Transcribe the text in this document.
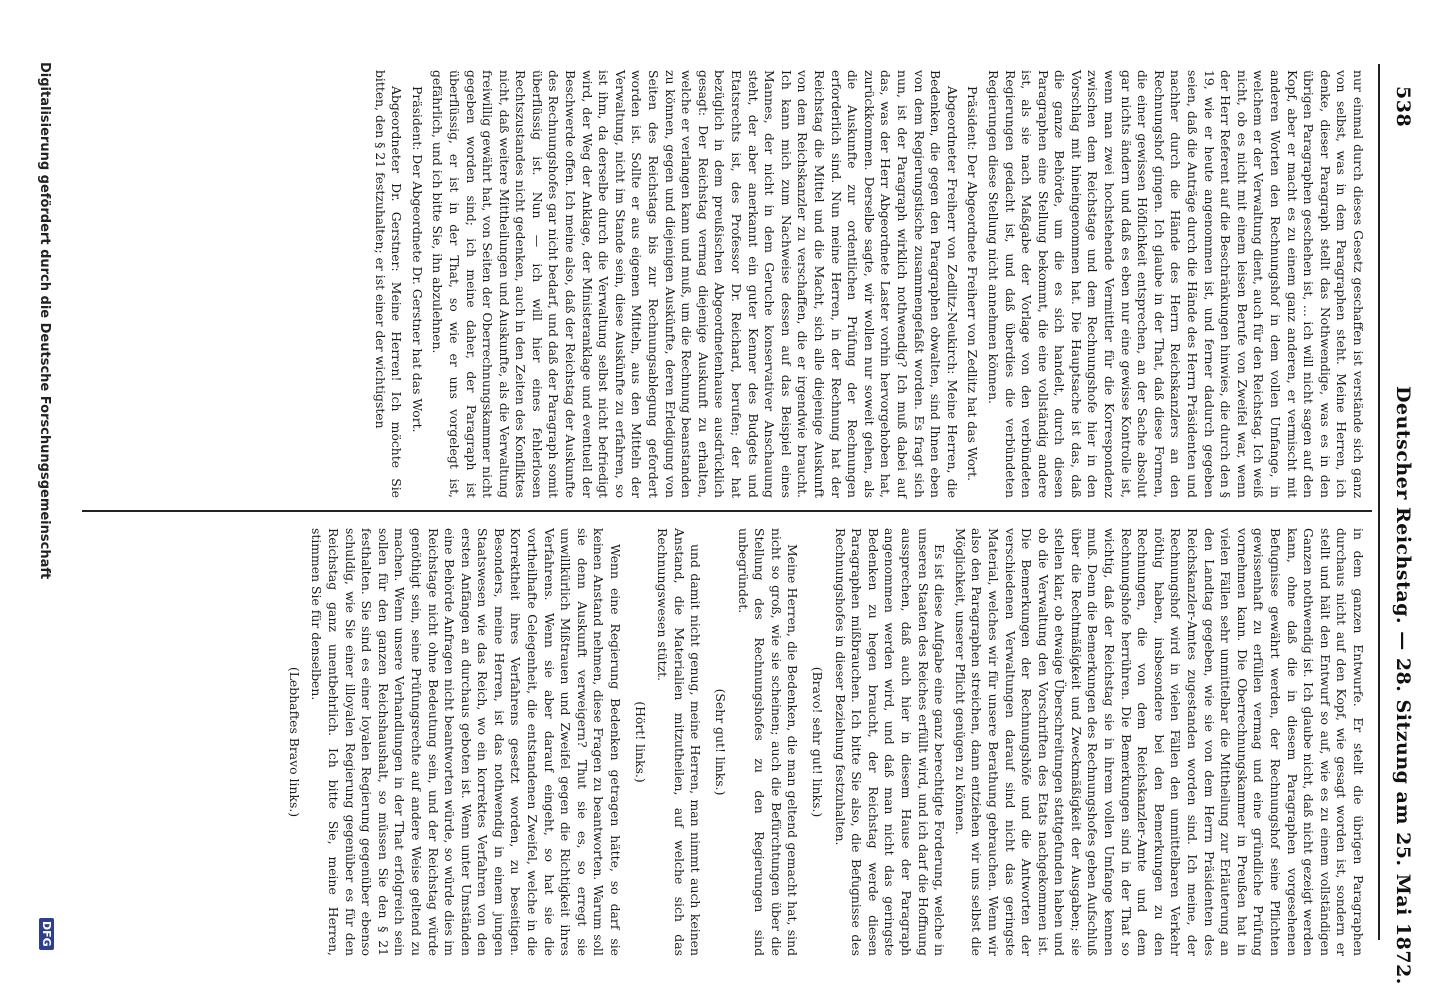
538
Deutscher Reichstag. — 28. Sitzung am 25. Mai 1872.

nur einmal durch dieses Gesetz geschaffen ist verstände sich ganz von selbst, was in dem Paragraphen steht. Meine Herren, ich denke, dieser Paragraph stellt das Nothwendige, was es in den übrigen Paragraphen geschehen ist, ... ich will nicht sagen auf den Kopf, aber er macht es zu einem ganz anderen, er vermischt mit anderen Worten den Rechnungshof in dem vollen Umfange, in welchem er der Verwaltung dient, auch für den Reichstag. Ich weiß nicht, ob es nicht mit einem leisen Berufe von Zweifel war, wenn der Herr Referent auf die Beschränkungen hinwies, die durch den § 19, wie er heute angenommen ist, und ferner dadurch gegeben seien, daß die Anträge durch die Hände des Herrn Präsidenten und nachher durch die Hände des Herrn Reichskanzlers an den Rechnungshof gingen. Ich glaube in der That, daß diese Formen, die einer gewissen Höflichkeit entsprechen, an der Sache absolut gar nichts ändern und daß es eben nur eine gewisse Kontrolle ist, wenn man zwei hochstehende Vermittler für die Korrespondenz zwischen dem Reichstage und dem Rechnungshofe hier in den Vorschlag mit hineingenommen hat. Die Hauptsache ist das, daß die ganze Behörde, um die es sich handelt, durch diesen Paragraphen eine Stellung bekommt, die eine vollständig andere ist, als sie nach Maßgabe der Vorlage von den verbündeten Regierungen gedacht ist, und daß überdies die verbündeten Regierungen diese Stellung nicht annehmen können.

Präsident: Der Abgeordnete Freiherr von Zedlitz hat das Wort.

Abgeordneter Freiherr von Zedlitz-Neukirch: Meine Herren, die Bedenken, die gegen den Paragraphen obwalten, sind Ihnen eben von dem Regierungstische zusammengefaßt worden. Es fragt sich nun, ist der Paragraph wirklich nothwendig? Ich muß dabei auf das, was der Herr Abgeordnete Laster vorhin hervorgehoben hat, zurückkommen. Derselbe sagte, wir wollen nur soweit gehen, als die Auskunfte zur ordentlichen Prüfung der Rechnungen erforderlich sind. Nun meine Herren, in der Rechnung hat der Reichstag die Mittel und die Macht, sich alle diejenige Auskunft von dem Reichskanzler zu verschaffen, die er irgendwie braucht. Ich kann mich zum Nachweise dessen auf das Beispiel eines Mannes, der nicht in dem Geruche konservativer Anschauung steht, der aber anerkannt ein guter Kenner des Budgets und Etatsrechts ist, des Professor Dr. Reichard, berufen; der hat bezüglich in dem preußischen Abgeordnetenhause ausdrücklich gesagt: Der Reichstag vermag diejenige Auskunft zu erhalten, welche er verlangen kann und muß, um die Rechnung beanstanden zu können, gegen und diejenigen Auskünfte, deren Erledigung von Seiten des Reichstags bis zur Rechnungsablegung gefordert worden ist. Sollte er aus eigenen Mitteln, aus den Mitteln der Verwaltung, nicht im Stande sein, diese Auskünfte zu erfahren, so ist ihm, da derselbe durch die Verwaltung selbst nicht befriedigt wird, der Weg der Anklage, der Ministeranklage und eventuell der Beschwerde offen. Ich meine also, daß der Reichstag der Auskunfte des Rechnungshofes gar nicht bedarf, und daß der Paragraph somit überflüssig ist. Nun — ich will hier eines fehlerlosen Rechtszustandes nicht gedenken, auch in den Zeiten des Konfliktes nicht, daß weitere Mittheilungen und Auskunfte, als die Verwaltung freiwillig gewährt hat, von Seiten der Oberrechnungskammer nicht gegeben worden sind; ich meine daher, der Paragraph ist überflüssig, er ist in der That, so wie er uns vorgelegt ist, gefährlich, und ich bitte Sie, ihn abzulehnen.

Präsident: Der Abgeordnete Dr. Gerstner hat das Wort.

Abgeordneter Dr. Gerstner: Meine Herren! Ich möchte Sie bitten, den § 21 festzuhalten; er ist einer der wichtigsten

in dem ganzen Entwurfe. Er stellt die übrigen Paragraphen durchaus nicht auf den Kopf, wie gesagt worden ist, sondern er stellt und hält den Entwurf so auf, wie es zu einem vollständigen Ganzen nothwendig ist. Ich glaube nicht, daß nicht gezeigt werden kann, ohne daß die in diesem Paragraphen vorgesehenen Befugnisse gewährt werden, der Rechnungshof seine Pflichten gewissenhaft zu erfüllen vermag und eine gründliche Prüfung vornehmen kann. Die Oberrechnungskammer in Preußen hat in vielen Fällen sehr unmittelbar die Mittheilung zur Erläuterung an den Landtag gegeben, wie sie von dem Herrn Präsidenten des Reichskanzler-Amtes zugestanden worden sind. Ich meine, der Rechnungshof wird in vielen Fällen den unmittelbaren Verkehr nöthig haben, insbesondere bei den Bemerkungen zu den Rechnungen, die von dem Reichskanzler-Amte und dem Rechnungshofe herrühren. Die Bemerkungen sind in der That so wichtig, daß der Reichstag sie in ihrem vollen Umfange kennen muß. Denn die Bemerkungen des Rechnungshofes geben Aufschluß über die Rechtmäßigkeit und Zweckmäßigkeit der Ausgaben; sie stellen klar, ob etwaige Überschreitungen stattgefunden haben und ob die Verwaltung den Vorschriften des Etats nachgekommen ist. Die Bemerkungen der Rechnungshöfe und die Antworten der verschiedenen Verwaltungen darauf sind nicht das geringste Material, welches wir für unsere Berathung gebrauchen. Wenn wir also den Paragraphen streichen, dann entziehen wir uns selbst die Möglichkeit, unserer Pflicht genügen zu können.

Es ist diese Aufgabe eine ganz berechtigte Forderung, welche in unseren Staaten des Reiches erfüllt wird, und ich darf die Hoffnung aussprechen, daß auch hier in diesem Hause der Paragraph angenommen werden wird, und daß man nicht das geringste Bedenken zu hegen braucht, der Reichstag werde diesen Paragraphen mißbrauchen. Ich bitte Sie also, die Befugnisse des Rechnungshofes in dieser Beziehung festzuhalten.

(Bravo! sehr gut! links.)

Meine Herren, die Bedenken, die man geltend gemacht hat, sind nicht so groß, wie sie scheinen; auch die Befürchtungen über die Stellung des Rechnungshofes zu den Regierungen sind unbegründet.

(Sehr gut! links.)

und damit nicht genug, meine Herren, man nimmt auch keinen Anstand, die Materialien mitzutheilen, auf welche sich das Rechnungswesen stützt.

(Hört! links.)

Wenn eine Regierung Bedenken getragen hätte, so darf sie keinen Anstand nehmen, diese Fragen zu beantworten. Warum soll sie denn Auskunft verweigern? Thut sie es, so erregt sie unwillkürlich Mißtrauen und Zweifel gegen die Richtigkeit ihres Verfahrens. Wenn sie aber darauf eingeht, so hat sie die vortheilhafte Gelegenheit, die entstandenen Zweifel, welche in die Korrektheit ihres Verfahrens gesetzt worden, zu beseitigen. Besonders, meine Herren, ist das nothwendig in einem jungen Staatswesen wie das Reich, wo ein korrektes Verfahren von den ersten Anfängen an durchaus geboten ist. Wenn unter Umständen eine Behörde Anfragen nicht beantworten würde, so würde dies im Reichstage nicht ohne Bedeutung sein, und der Reichstag würde genöthigt sein, seine Prüfungsrechte auf andere Weise geltend zu machen. Wenn unsere Verhandlungen in der That erfolgreich sein sollen für den ganzen Reichshaushalt, so müssen Sie den § 21 festhalten. Sie sind es einer loyalen Regierung gegenüber ebenso schuldig, wie Sie einer illoyalen Regierung gegenüber es für den Reichstag ganz unentbehrlich. Ich bitte Sie, meine Herren, stimmen Sie für denselben.

(Lebhaftes Bravo links.)

Digitalisierung gefördert durch die Deutsche Forschungsgemeinschaft
DFG
